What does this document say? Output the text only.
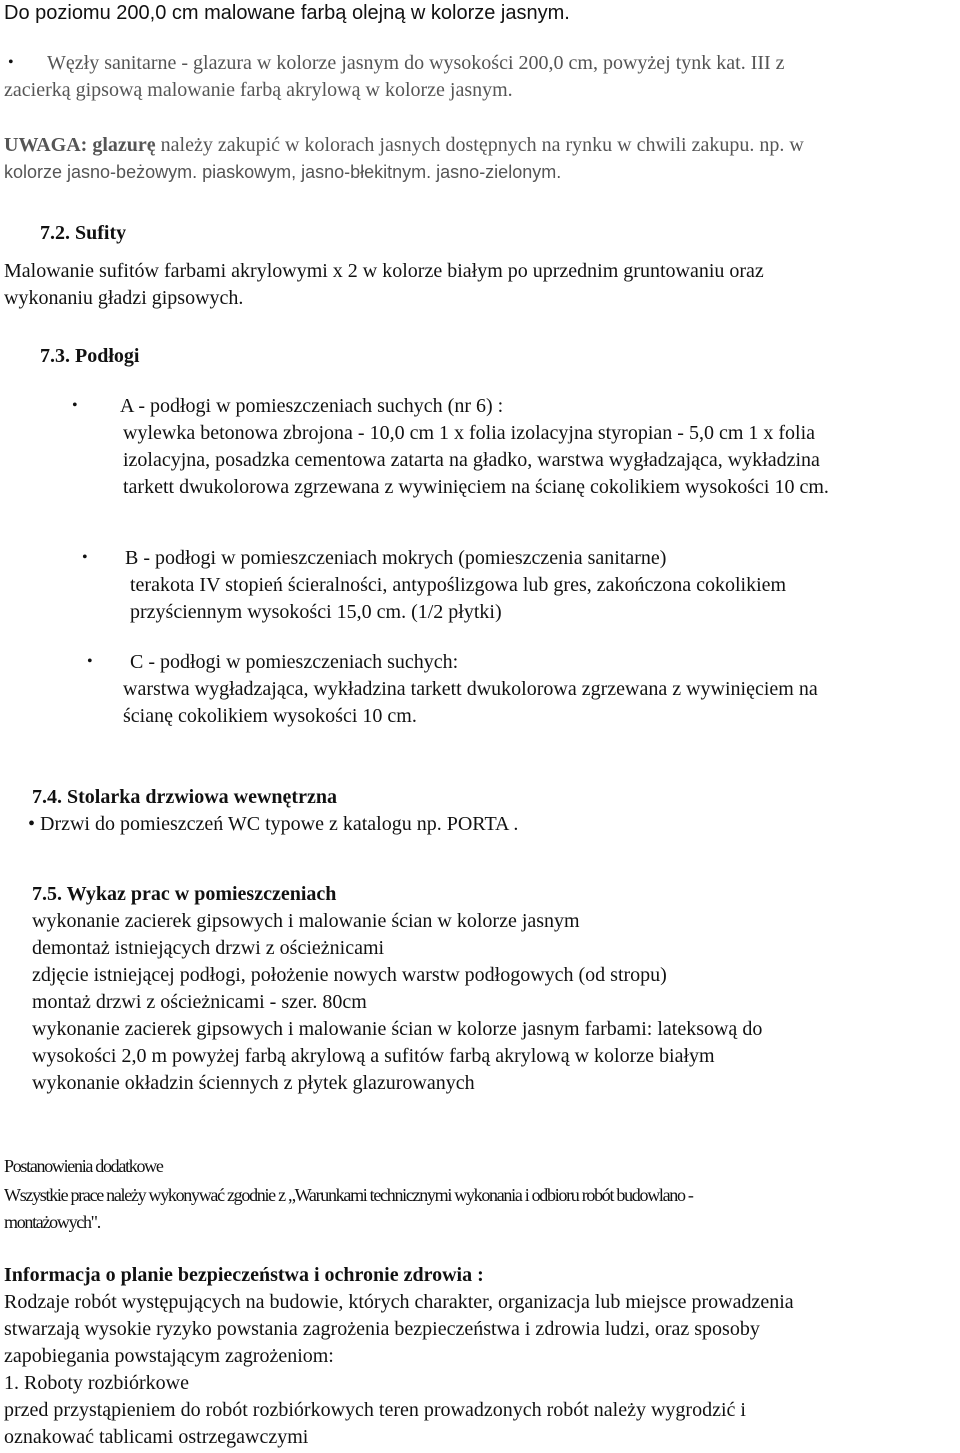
Do poziomu 200,0 cm malowane farbą olejną w kolorze jasnym.
• Węzły sanitarne - glazura w kolorze jasnym do wysokości 200,0 cm, powyżej tynk kat. III z
zacierką gipsową malowanie farbą akrylową w kolorze jasnym.
UWAGA: glazurę należy zakupić w kolorach jasnych dostępnych na rynku w chwili zakupu. np. w
kolorze jasno-beżowym. piaskowym, jasno-błekitnym. jasno-zielonym.
7.2. Sufity
Malowanie sufitów farbami akrylowymi x 2 w kolorze białym po uprzednim gruntowaniu oraz
wykonaniu gładzi gipsowych.
7.3. Podłogi
• A - podłogi w pomieszczeniach suchych (nr 6) :
wylewka betonowa zbrojona - 10,0 cm 1 x folia izolacyjna styropian - 5,0 cm 1 x folia
izolacyjna, posadzka cementowa zatarta na gładko, warstwa wygładzająca, wykładzina
tarkett dwukolorowa zgrzewana z wywinięciem na ścianę cokolikiem wysokości 10 cm.
• B - podłogi w pomieszczeniach mokrych (pomieszczenia sanitarne)
terakota IV stopień ścieralności, antypoślizgowa lub gres, zakończona cokolikiem
przyściennym wysokości 15,0 cm. (1/2 płytki)
• C - podłogi w pomieszczeniach suchych:
warstwa wygładzająca, wykładzina tarkett dwukolorowa zgrzewana z wywinięciem na
ścianę cokolikiem wysokości 10 cm.
7.4. Stolarka drzwiowa wewnętrzna
• Drzwi do pomieszczeń WC typowe z katalogu np. PORTA .
7.5. Wykaz prac w pomieszczeniach
wykonanie zacierek gipsowych i malowanie ścian w kolorze jasnym
demontaż istniejących drzwi z ościeżnicami
zdjęcie istniejącej podłogi, położenie nowych warstw podłogowych (od stropu)
montaż drzwi z ościeżnicami - szer. 80cm
wykonanie zacierek gipsowych i malowanie ścian w kolorze jasnym farbami: lateksową do
wysokości 2,0 m powyżej farbą akrylową a sufitów farbą akrylową w kolorze białym
wykonanie okładzin ściennych z płytek glazurowanych
Postanowienia dodatkowe
Wszystkie prace należy wykonywać zgodnie z „Warunkami technicznymi wykonania i odbioru robót budowlano -
montażowych".
Informacja o planie bezpieczeństwa i ochronie zdrowia :
Rodzaje robót występujących na budowie, których charakter, organizacja lub miejsce prowadzenia
stwarzają wysokie ryzyko powstania zagrożenia bezpieczeństwa i zdrowia ludzi, oraz sposoby
zapobiegania powstającym zagrożeniom:
1. Roboty rozbiórkowe
przed przystąpieniem do robót rozbiórkowych teren prowadzonych robót należy wygrodzić i
oznakować tablicami ostrzegawczymi
